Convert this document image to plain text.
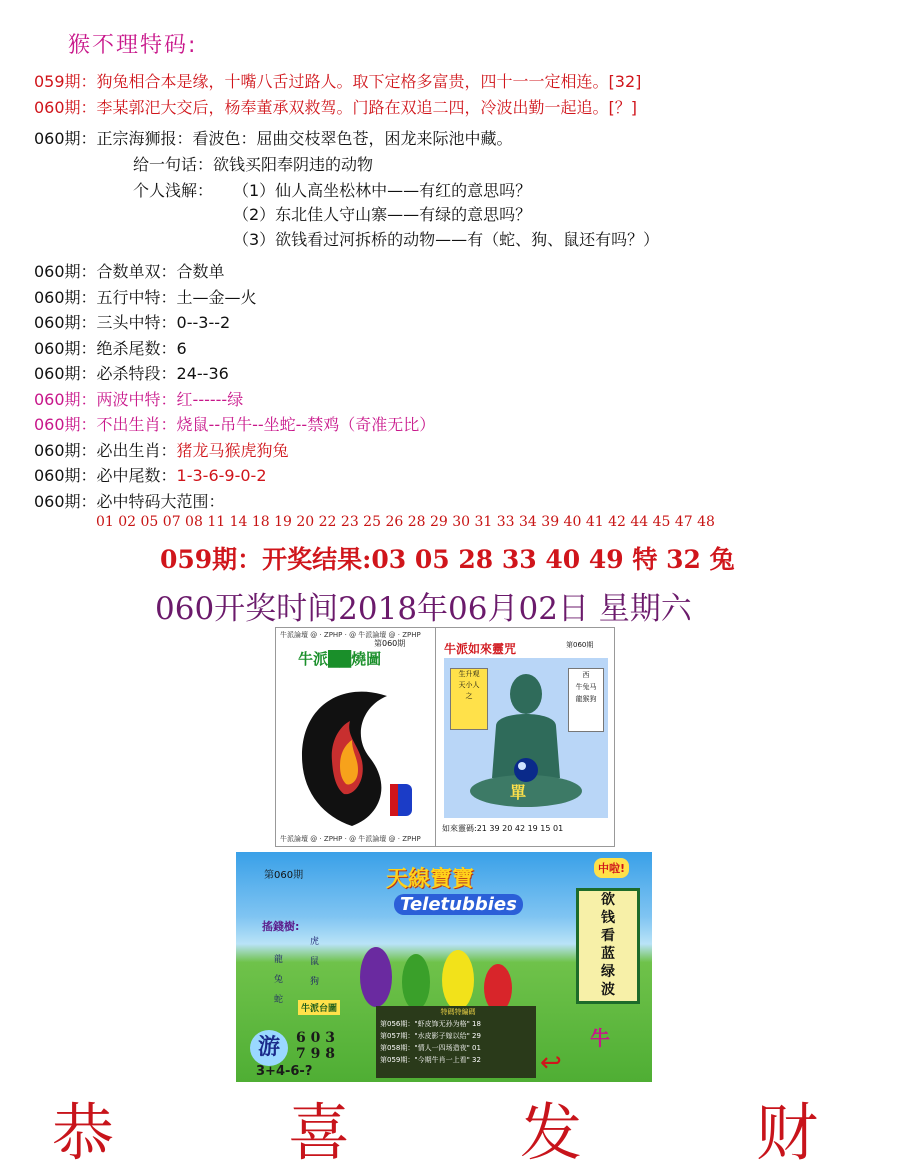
猴不理特码:
059期：狗兔相合本是缘，十嘴八舌过路人。取下定格多富贵，四十一一定相连。[32]
060期：李某郭汜大交后，杨奉董承双救驾。门路在双追二四，冷波出勤一起追。[？]
060期：正宗海狮报：看波色：屈曲交枝翠色苍，困龙来际池中藏。
给一句话：欲钱买阳奉阴违的动物
个人浅解： （1）仙人高坐松林中——有红的意思吗？
（2）东北佳人守山寨——有绿的意思吗？
（3）欲钱看过河拆桥的动物——有（蛇、狗、鼠还有吗？）
060期：合数单双：合数单
060期：五行中特：土—金—火
060期：三头中特：0--3--2
060期：绝杀尾数：6
060期：必杀特段：24--36
060期：两波中特：红------绿
060期：不出生肖：烧鼠--吊牛--坐蛇--禁鸡（奇准无比）
060期：必出生肖：猪龙马猴虎狗兔
060期：必中尾数：1-3-6-9-0-2
060期：必中特码大范围：
01 02 05 07 08 11 14 18 19 20 22 23 25 26 28 29 30 31 33 34 39 40 41 42 44 45 47 48
059期：开奖结果:03 05 28 33 40 49 特 32 兔
060开奖时间2018年06月02日 星期六
牛派論壇 @ · ZPHP · @ 牛派論壇 @ · ZPHP
牛派論壇 @ · ZPHP · @ 牛派論壇 @ · ZPHP
第060期
牛派██燒圖
牛派如來靈咒	第060期
生升观
天小人
之
西
牛兔马
龍猴狗
單
如來靈碼:21 39 20 42 19 15 01
第060期	天線寶寶
Teletubbies
中啦!
搖錢樹:
龍
兔
蛇
虎
鼠
狗
欲
钱
看
蓝
绿
波
牛派台圖	特碼特編碼
第056期："虾皮饰无孙为格" 18
第057期："水皮影子嫁以给" 29
第058期："情人一四场造夜" 01
第059期："今期牛肖一上看" 32
游	6 0 3
7 9 8
3+4-6-?
牛
↩
恭	喜	发	财
